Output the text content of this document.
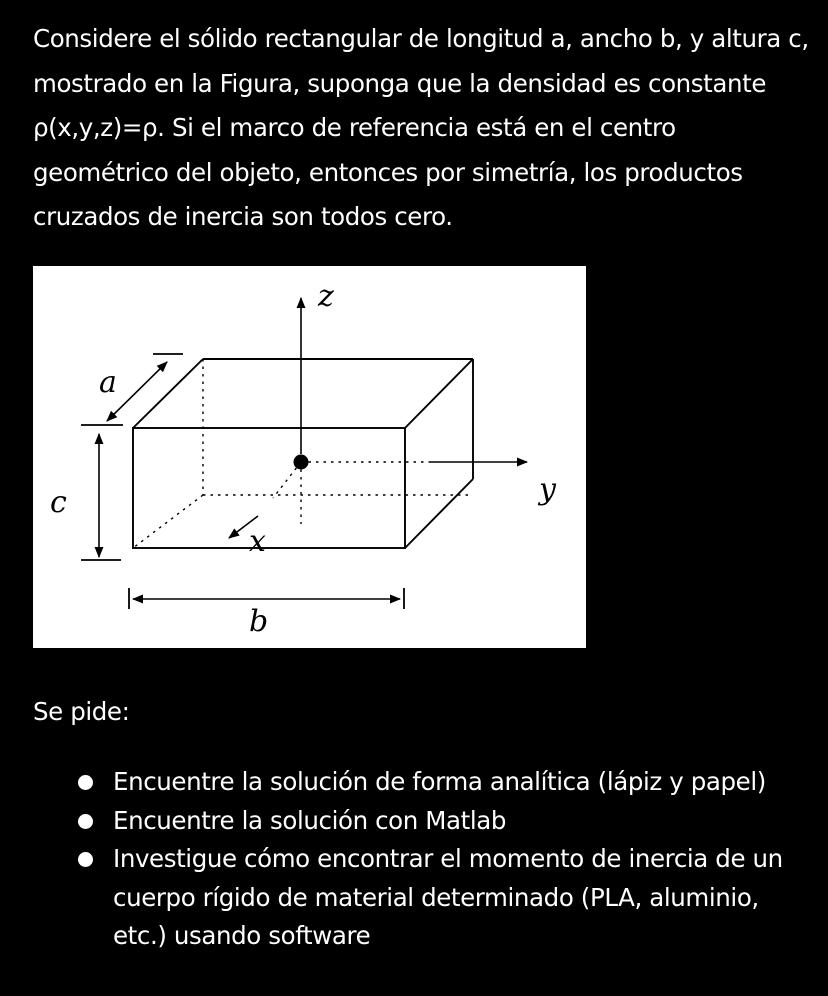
Considere el sólido rectangular de longitud a, ancho b, y altura c, mostrado en la Figura, suponga que la densidad es constante ρ(x,y,z)=ρ. Si el marco de referencia está en el centro geométrico del objeto, entonces por simetría, los productos cruzados de inercia son todos cero.

z
a
c
x
y
b
Se pide:
Encuentre la solución de forma analítica (lápiz y papel)
Encuentre la solución con Matlab
Investigue cómo encontrar el momento de inercia de un cuerpo rígido de material determinado (PLA, aluminio, etc.) usando software
